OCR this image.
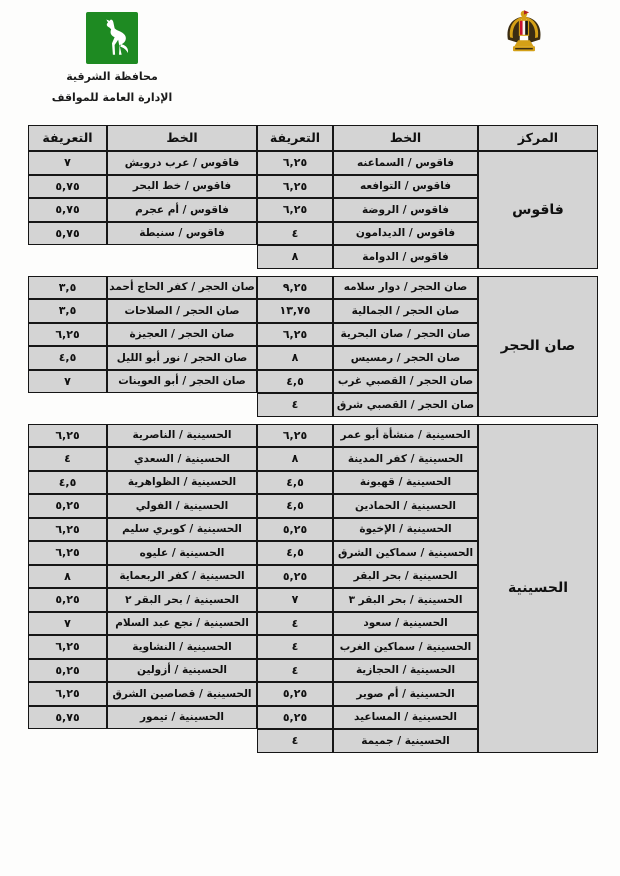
محافظة الشرقية
الإدارة العامة للمواقف
المركز
الخط
التعريفة
الخط
التعريفة
فاقوس
فاقوس / السماعنه
٦,٢٥
فاقوس / التوافعه
٦,٢٥
فاقوس / الروضة
٦,٢٥
فاقوس / الديدامون
٤
فاقوس / الدوامة
٨
فاقوس / عرب درويش
٧
فاقوس / خط البحر
٥,٧٥
فاقوس / أم عجرم
٥,٧٥
فاقوس / سنيطة
٥,٧٥
صان الحجر
صان الحجر / دوار سلامه
٩,٢٥
صان الحجر / الجمالية
١٣,٧٥
صان الحجر / صان البحرية
٦,٢٥
صان الحجر / رمسيس
٨
صان الحجر / القصبي غرب
٤,٥
صان الحجر / القصبي شرق
٤
صان الحجر / كفر الحاج أحمد
٣,٥
صان الحجر / الصلاحات
٣,٥
صان الحجر / العجيزة
٦,٢٥
صان الحجر / نور أبو الليل
٤,٥
صان الحجر / أبو العوينات
٧
الحسينية
الحسينية / منشأة أبو عمر
٦,٢٥
الحسينية / كفر المدينة
٨
الحسينية / قهبونة
٤,٥
الحسينية / الحمادين
٤,٥
الحسينية / الإخيوة
٥,٢٥
الحسينية / سماكين الشرق
٤,٥
الحسينية / بحر البقر
٥,٢٥
الحسينية / بحر البقر ٣
٧
الحسينية / سعود
٤
الحسينية / سماكين الغرب
٤
الحسينية / الحجازية
٤
الحسينية / أم صوير
٥,٢٥
الحسينية / المساعيد
٥,٢٥
الحسينية / جميمة
٤
الحسينية / الناصرية
٦,٢٥
الحسينية / السعدي
٤
الحسينية / الظواهرية
٤,٥
الحسينية / الفولي
٥,٢٥
الحسينية / كوبري سليم
٦,٢٥
الحسينية / عليوه
٦,٢٥
الحسينية / كفر الربعماية
٨
الحسينية / بحر البقر ٢
٥,٢٥
الحسينية / نجع عبد السلام
٧
الحسينية / النشاوية
٦,٢٥
الحسينية / أزولين
٥,٢٥
الحسينية / قصاصين الشرق
٦,٢٥
الحسينية / تيمور
٥,٧٥
